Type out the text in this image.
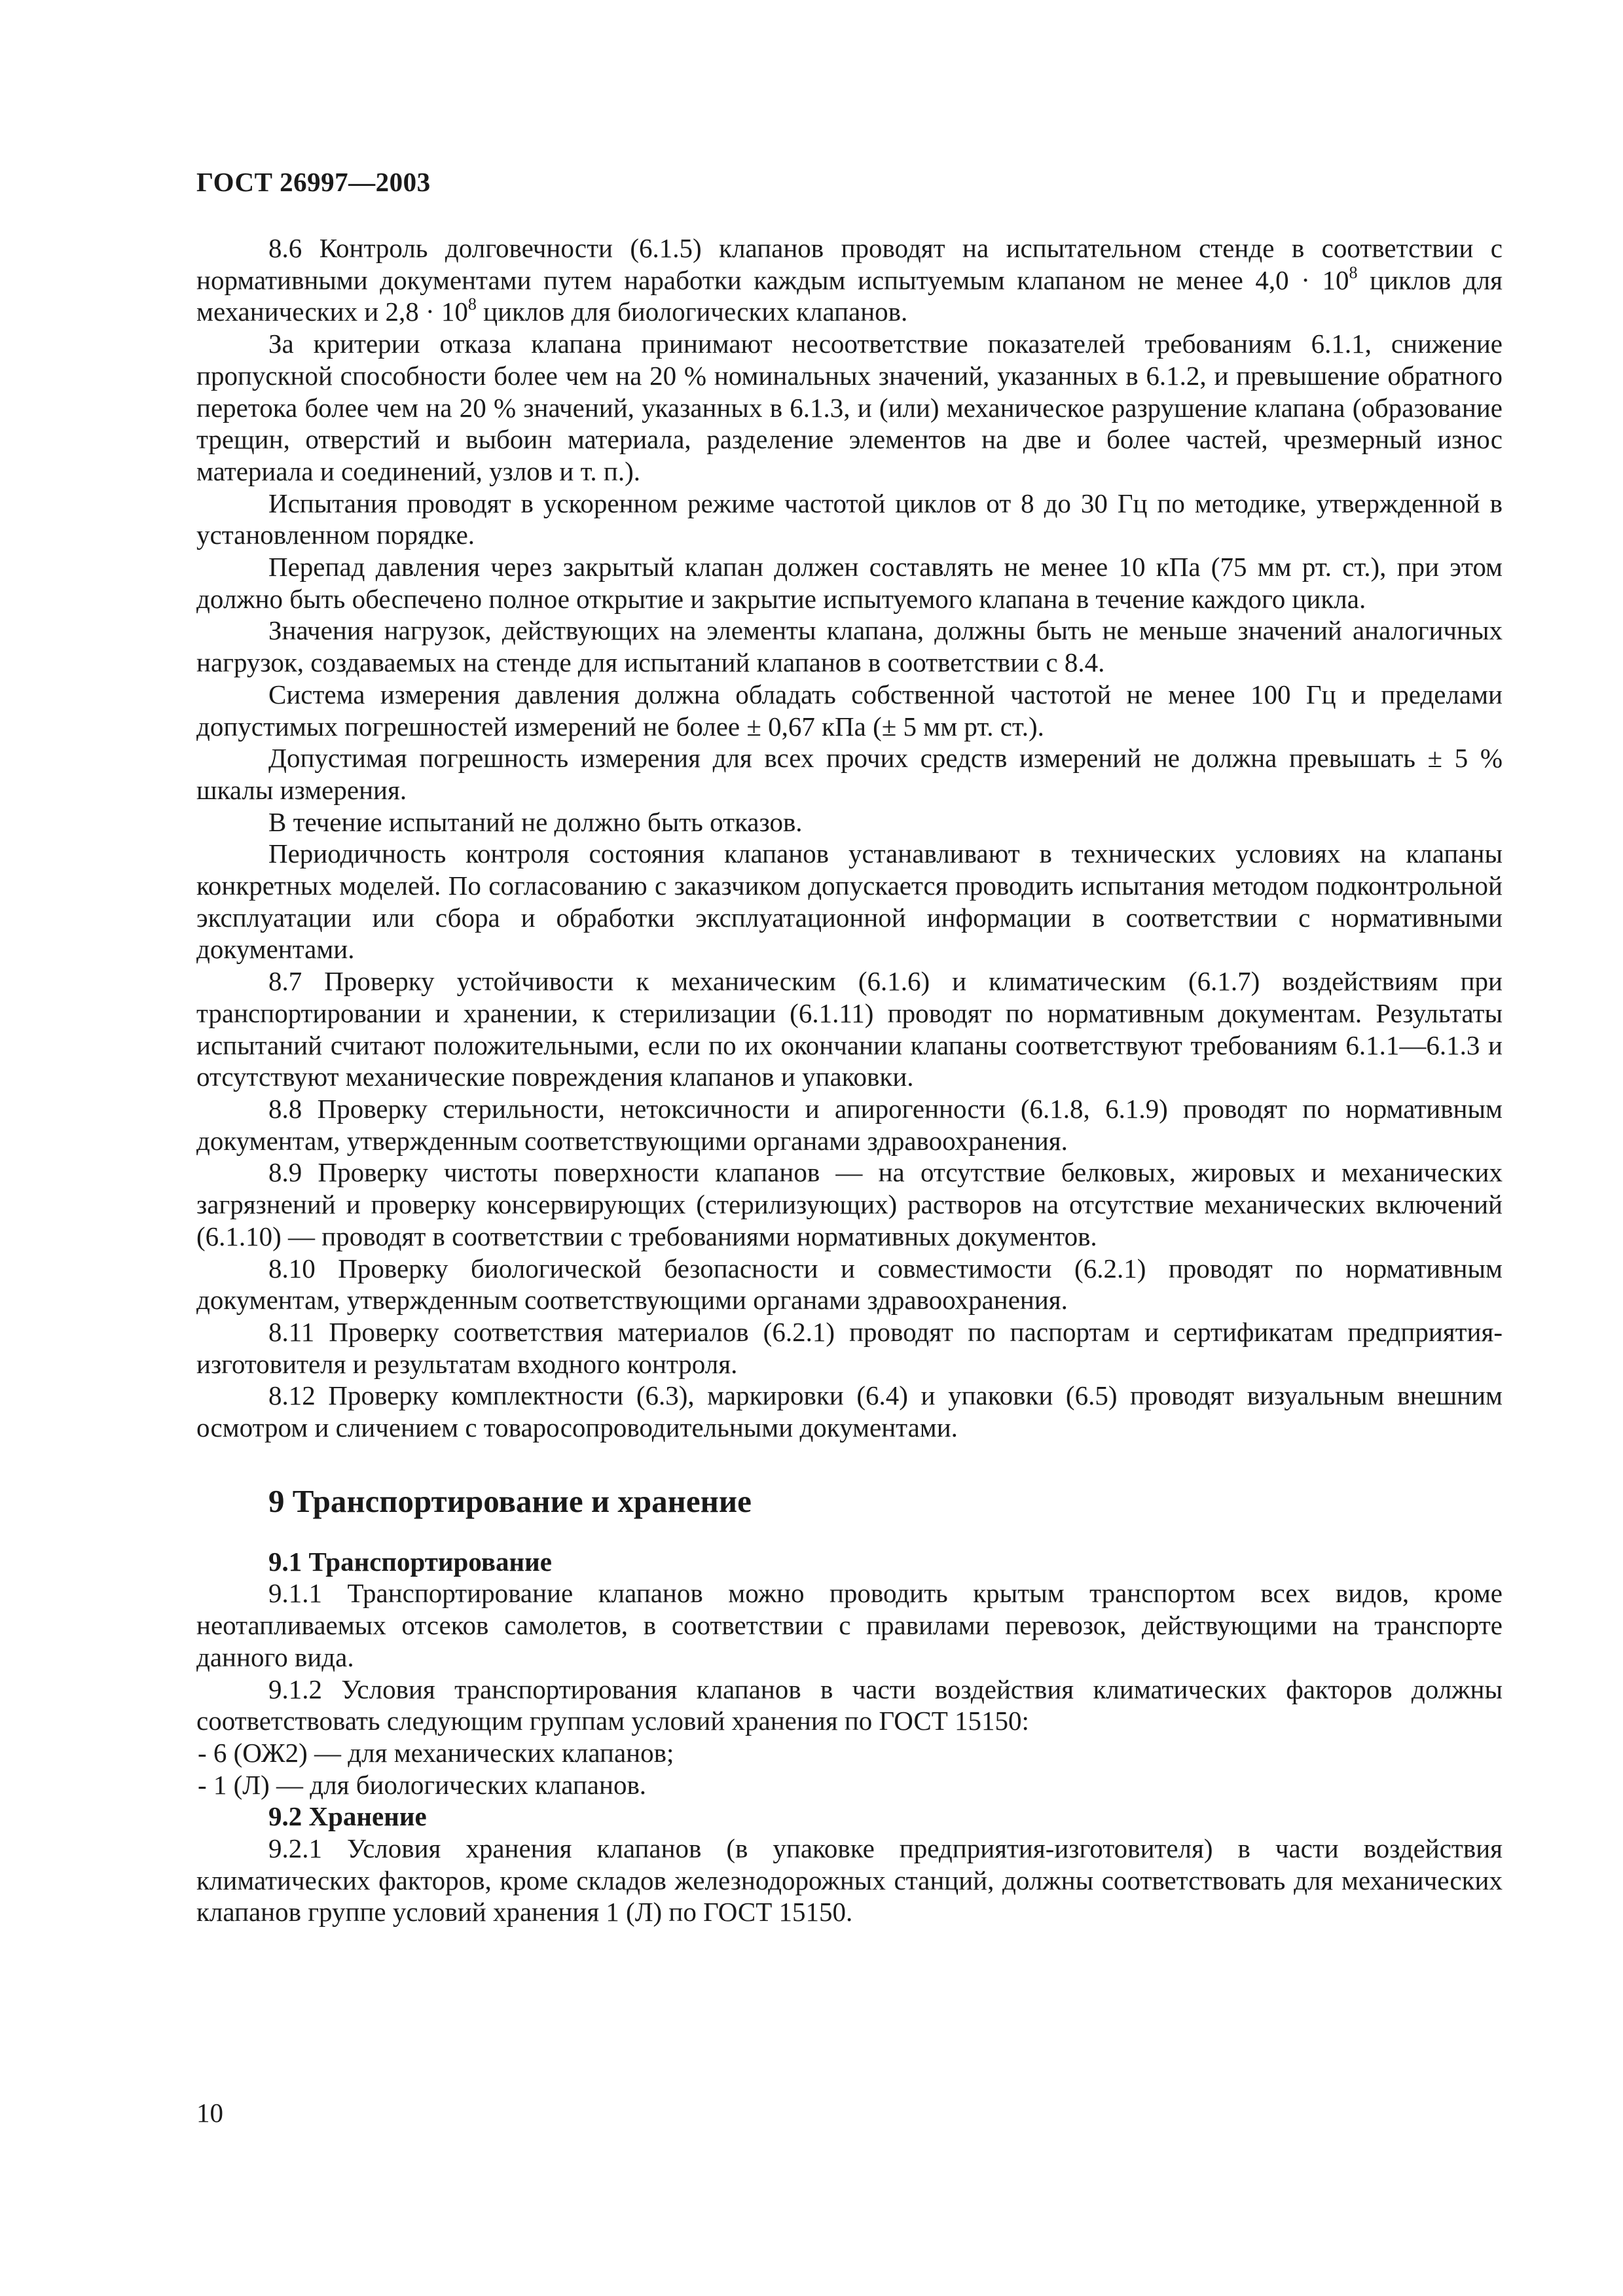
ГОСТ 26997—2003

8.6 Контроль долговечности (6.1.5) клапанов проводят на испытательном стенде в соответствии с нормативными документами путем наработки каждым испытуемым клапаном не менее $4,0 \cdot 10^8$ циклов для механических и $2,8 \cdot 10^8$ циклов для биологических клапанов.

За критерии отказа клапана принимают несоответствие показателей требованиям 6.1.1, снижение пропускной способности более чем на 20 % номинальных значений, указанных в 6.1.2, и превышение обратного перетока более чем на 20 % значений, указанных в 6.1.3, и (или) механическое разрушение клапана (образование трещин, отверстий и выбоин материала, разделение элементов на две и более частей, чрезмерный износ материала и соединений, узлов и т. п.).

Испытания проводят в ускоренном режиме частотой циклов от 8 до 30 Гц по методике, утвержденной в установленном порядке.

Перепад давления через закрытый клапан должен составлять не менее 10 кПа (75 мм рт. ст.), при этом должно быть обеспечено полное открытие и закрытие испытуемого клапана в течение каждого цикла.

Значения нагрузок, действующих на элементы клапана, должны быть не меньше значений аналогичных нагрузок, создаваемых на стенде для испытаний клапанов в соответствии с 8.4.

Система измерения давления должна обладать собственной частотой не менее 100 Гц и пределами допустимых погрешностей измерений не более ± 0,67 кПа (± 5 мм рт. ст.).

Допустимая погрешность измерения для всех прочих средств измерений не должна превышать ± 5 % шкалы измерения.

В течение испытаний не должно быть отказов.

Периодичность контроля состояния клапанов устанавливают в технических условиях на клапаны конкретных моделей. По согласованию с заказчиком допускается проводить испытания методом подконтрольной эксплуатации или сбора и обработки эксплуатационной информации в соответствии с нормативными документами.

8.7 Проверку устойчивости к механическим (6.1.6) и климатическим (6.1.7) воздействиям при транспортировании и хранении, к стерилизации (6.1.11) проводят по нормативным документам. Результаты испытаний считают положительными, если по их окончании клапаны соответствуют требованиям 6.1.1—6.1.3 и отсутствуют механические повреждения клапанов и упаковки.

8.8 Проверку стерильности, нетоксичности и апирогенности (6.1.8, 6.1.9) проводят по нормативным документам, утвержденным соответствующими органами здравоохранения.

8.9 Проверку чистоты поверхности клапанов — на отсутствие белковых, жировых и механических загрязнений и проверку консервирующих (стерилизующих) растворов на отсутствие механических включений (6.1.10) — проводят в соответствии с требованиями нормативных документов.

8.10 Проверку биологической безопасности и совместимости (6.2.1) проводят по нормативным документам, утвержденным соответствующими органами здравоохранения.

8.11 Проверку соответствия материалов (6.2.1) проводят по паспортам и сертификатам предприятия-изготовителя и результатам входного контроля.

8.12 Проверку комплектности (6.3), маркировки (6.4) и упаковки (6.5) проводят визуальным внешним осмотром и сличением с товаросопроводительными документами.

9 Транспортирование и хранение
9.1 Транспортирование

9.1.1 Транспортирование клапанов можно проводить крытым транспортом всех видов, кроме неотапливаемых отсеков самолетов, в соответствии с правилами перевозок, действующими на транспорте данного вида.

9.1.2 Условия транспортирования клапанов в части воздействия климатических факторов должны соответствовать следующим группам условий хранения по ГОСТ 15150:

- 6 (ОЖ2) — для механических клапанов;

- 1 (Л) — для биологических клапанов.

9.2 Хранение

9.2.1 Условия хранения клапанов (в упаковке предприятия-изготовителя) в части воздействия климатических факторов, кроме складов железнодорожных станций, должны соответствовать для механических клапанов группе условий хранения 1 (Л) по ГОСТ 15150.

10
